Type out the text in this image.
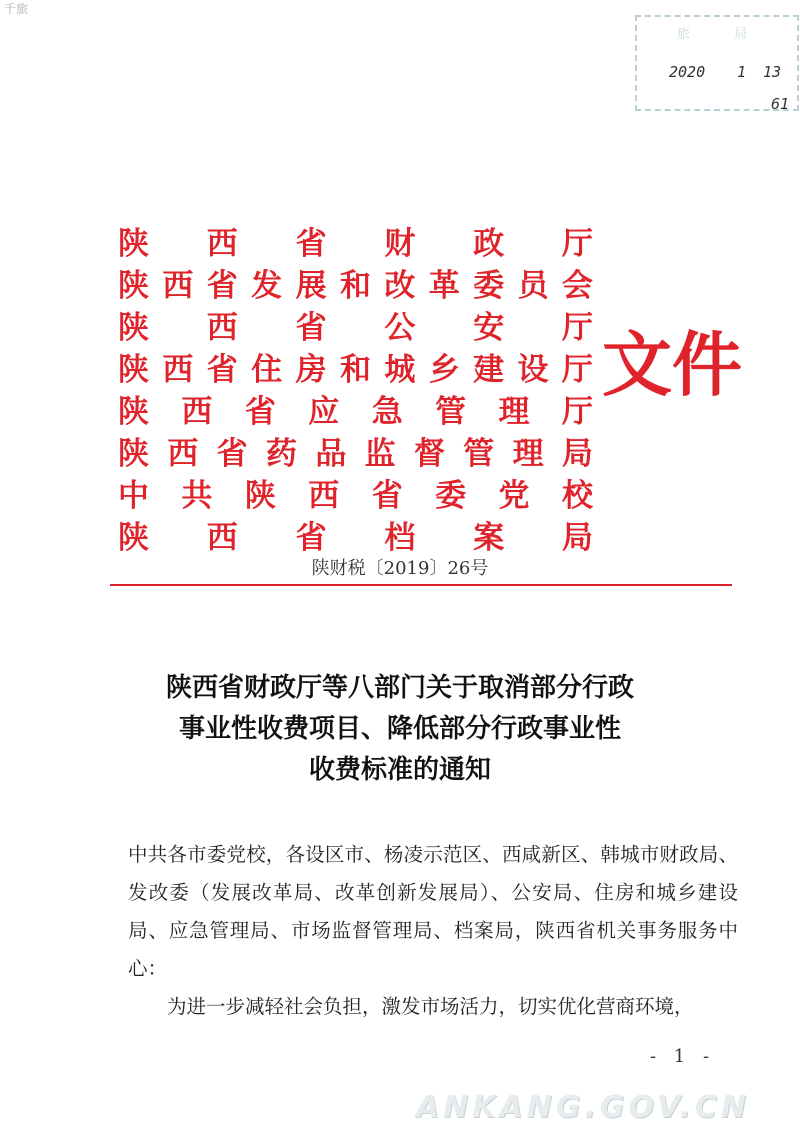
千旅
旅 局
2020 1 13
61
陕 西 省 财 政 厅
陕 西 省 发 展 和 改 革 委 员 会
陕 西 省 公 安 厅
陕 西 省 住 房 和 城 乡 建 设 厅
陕 西 省 应 急 管 理 厅
陕 西 省 药 品 监 督 管 理 局
中 共 陕 西 省 委 党 校
陕 西 省 档 案 局
文件
陕财税〔2019〕26号
陕西省财政厅等八部门关于取消部分行政
事业性收费项目、降低部分行政事业性
收费标准的通知

中共各市委党校，各设区市、杨凌示范区、西咸新区、韩城市财政局、发改委（发展改革局、改革创新发展局）、公安局、住房和城乡建设局、应急管理局、市场监督管理局、档案局，陕西省机关事务服务中心：

为进一步减轻社会负担，激发市场活力，切实优化营商环境，

- 1 -
ANKANG.GOV.CN
